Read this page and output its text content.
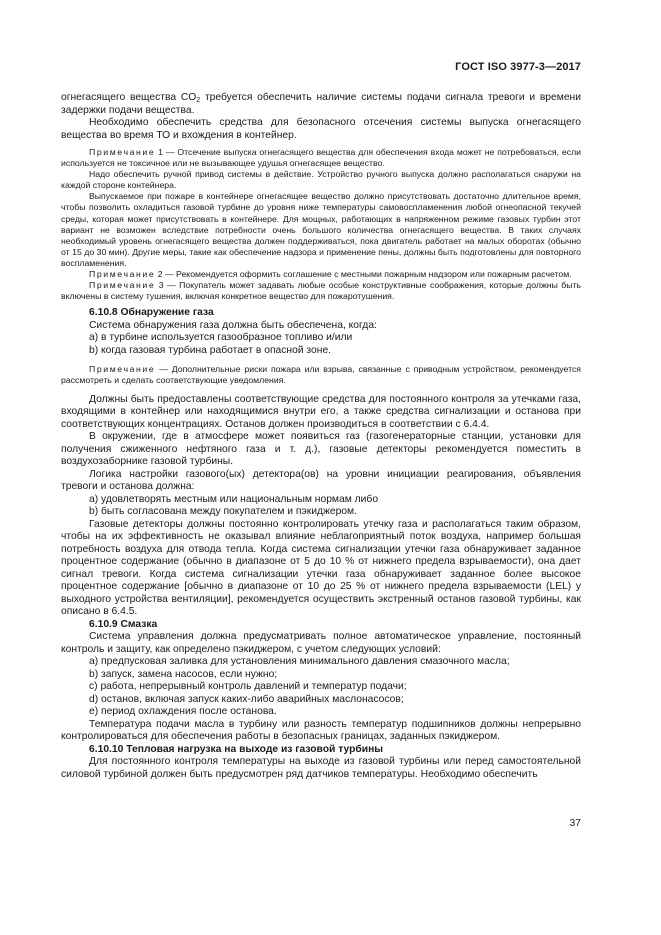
ГОСТ ISO 3977-3—2017

огнегасящего вещества $CO_2$ требуется обеспечить наличие системы подачи сигнала тревоги и времени задержки подачи вещества.

Необходимо обеспечить средства для безопасного отсечения системы выпуска огнегасящего вещества во время ТО и вхождения в контейнер.

Примечание 1 — Отсечение выпуска огнегасящего вещества для обеспечения входа может не потребоваться, если используется не токсичное или не вызывающее удушья огнегасящее вещество.

Надо обеспечить ручной привод системы в действие. Устройство ручного выпуска должно располагаться снаружи на каждой стороне контейнера.

Выпускаемое при пожаре в контейнере огнегасящее вещество должно присутствовать достаточно длительное время, чтобы позволить охладиться газовой турбине до уровня ниже температуры самовоспламенения любой огнеопасной текучей среды, которая может присутствовать в контейнере. Для мощных, работающих в напряженном режиме газовых турбин этот вариант не возможен вследствие потребности очень большого количества огнегасящего вещества. В таких случаях необходимый уровень огнегасящего вещества должен поддерживаться, пока двигатель работает на малых оборотах (обычно от 15 до 30 мин). Другие меры, такие как обеспечение надзора и применение пены, должны быть подготовлены для повторного воспламенения.

Примечание 2 — Рекомендуется оформить соглашение с местными пожарным надзором или пожарным расчетом.

Примечание 3 — Покупатель может задавать любые особые конструктивные соображения, которые должны быть включены в систему тушения, включая конкретное вещество для пожаротушения.

6.10.8 Обнаружение газа

Система обнаружения газа должна быть обеспечена, когда:

a) в турбине используется газообразное топливо и/или

b) когда газовая турбина работает в опасной зоне.

Примечание — Дополнительные риски пожара или взрыва, связанные с приводным устройством, рекомендуется рассмотреть и сделать соответствующие уведомления.

Должны быть предоставлены соответствующие средства для постоянного контроля за утечками газа, входящими в контейнер или находящимися внутри его, а также средства сигнализации и останова при соответствующих концентрациях. Останов должен производиться в соответствии с 6.4.4.

В окружении, где в атмосфере может появиться газ (газогенераторные станции, установки для получения сжиженного нефтяного газа и т. д.), газовые детекторы рекомендуется поместить в воздухозаборнике газовой турбины.

Логика настройки газового(ых) детектора(ов) на уровни инициации реагирования, объявления тревоги и останова должна:

a) удовлетворять местным или национальным нормам либо

b) быть согласована между покупателем и пэкиджером.

Газовые детекторы должны постоянно контролировать утечку газа и располагаться таким образом, чтобы на их эффективность не оказывал влияние неблагоприятный поток воздуха, например большая потребность воздуха для отвода тепла. Когда система сигнализации утечки газа обнаруживает заданное процентное содержание (обычно в диапазоне от 5 до 10 % от нижнего предела взрываемости), она дает сигнал тревоги. Когда система сигнализации утечки газа обнаруживает заданное более высокое процентное содержание [обычно в диапазоне от 10 до 25 % от нижнего предела взрываемости (LEL) у выходного устройства вентиляции], рекомендуется осуществить экстренный останов газовой турбины, как описано в 6.4.5.

6.10.9 Смазка

Система управления должна предусматривать полное автоматическое управление, постоянный контроль и защиту, как определено пэкиджером, с учетом следующих условий:

a) предпусковая заливка для установления минимального давления смазочного масла;

b) запуск, замена насосов, если нужно;

c) работа, непрерывный контроль давлений и температур подачи;

d) останов, включая запуск каких-либо аварийных маслонасосов;

e) период охлаждения после останова.

Температура подачи масла в турбину или разность температур подшипников должны непрерывно контролироваться для обеспечения работы в безопасных границах, заданных пэкиджером.

6.10.10 Тепловая нагрузка на выходе из газовой турбины

Для постоянного контроля температуры на выходе из газовой турбины или перед самостоятельной силовой турбиной должен быть предусмотрен ряд датчиков температуры. Необходимо обеспечить

37
